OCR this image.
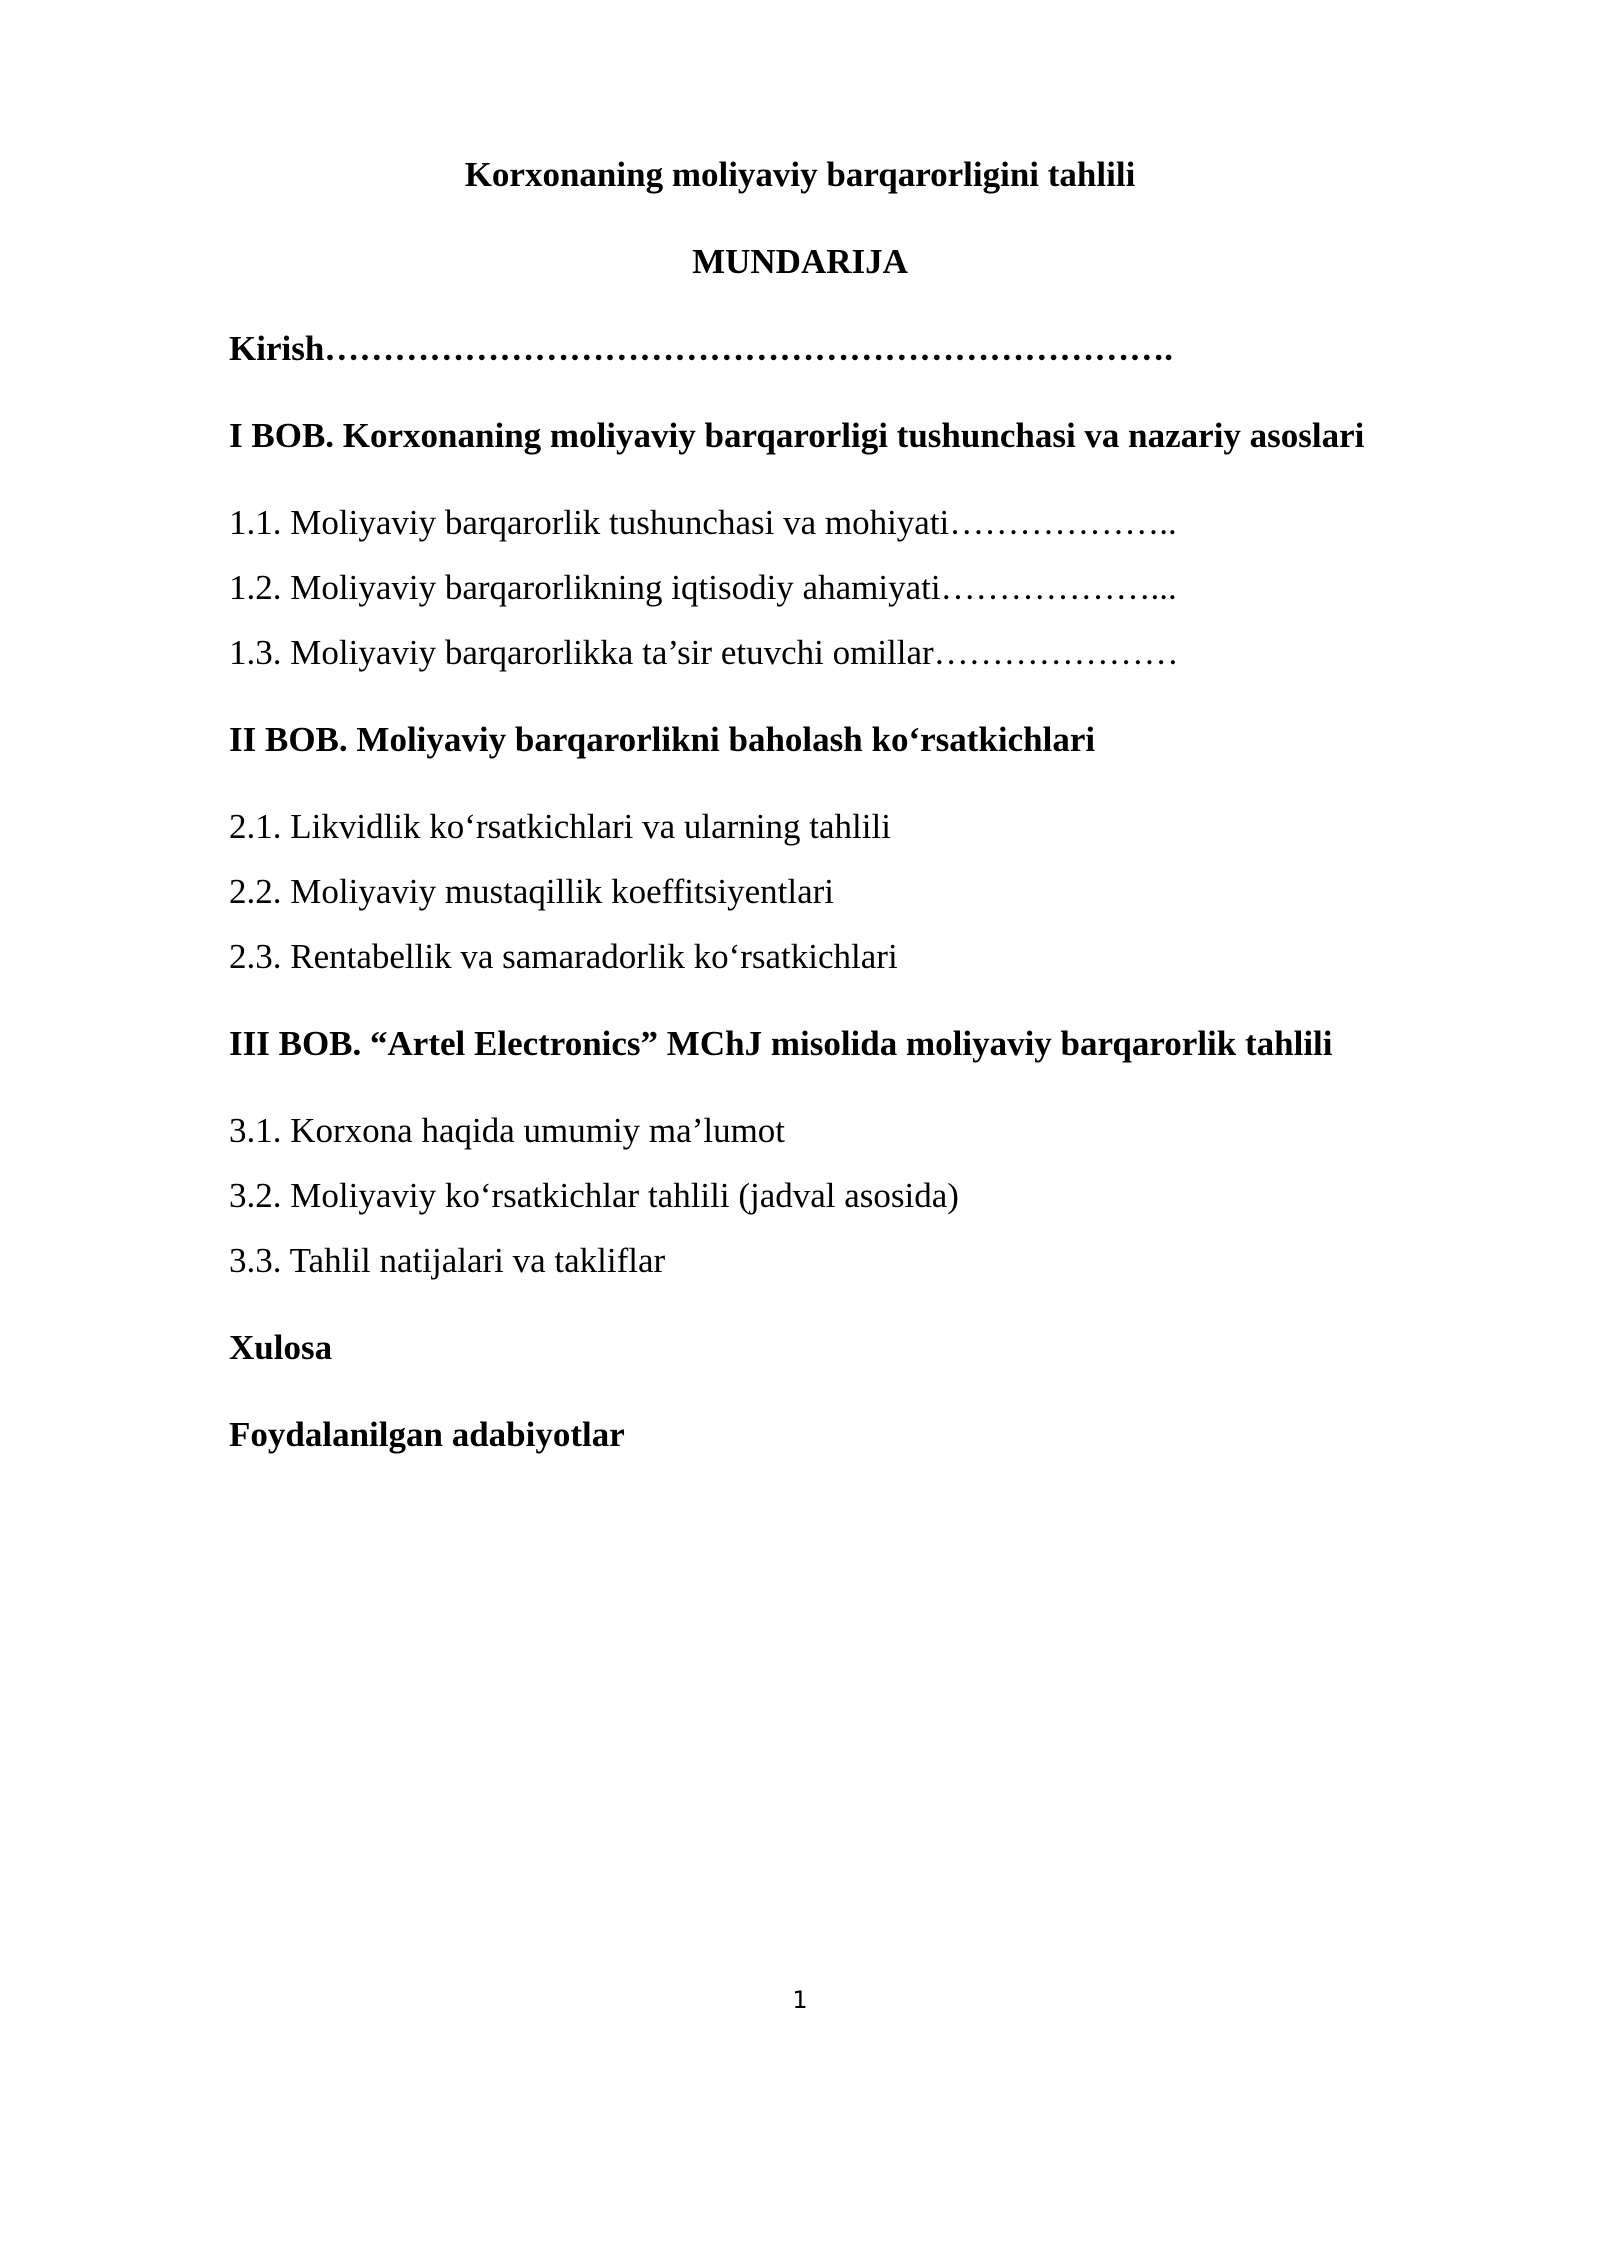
Korxonaning moliyaviy barqarorligini tahlili
MUNDARIJA
Kirish……………………………………………………………….
I BOB. Korxonaning moliyaviy barqarorligi tushunchasi va nazariy asoslari
1.1. Moliyaviy barqarorlik tushunchasi va mohiyati………………..
1.2. Moliyaviy barqarorlikning iqtisodiy ahamiyati………………...
1.3. Moliyaviy barqarorlikka ta’sir etuvchi omillar…………………
II BOB. Moliyaviy barqarorlikni baholash ko‘rsatkichlari
2.1. Likvidlik ko‘rsatkichlari va ularning tahlili
2.2. Moliyaviy mustaqillik koeffitsiyentlari
2.3. Rentabellik va samaradorlik ko‘rsatkichlari
III BOB. “Artel Electronics” MChJ misolida moliyaviy barqarorlik tahlili
3.1. Korxona haqida umumiy ma’lumot
3.2. Moliyaviy ko‘rsatkichlar tahlili (jadval asosida)
3.3. Tahlil natijalari va takliflar
Xulosa
Foydalanilgan adabiyotlar
1
